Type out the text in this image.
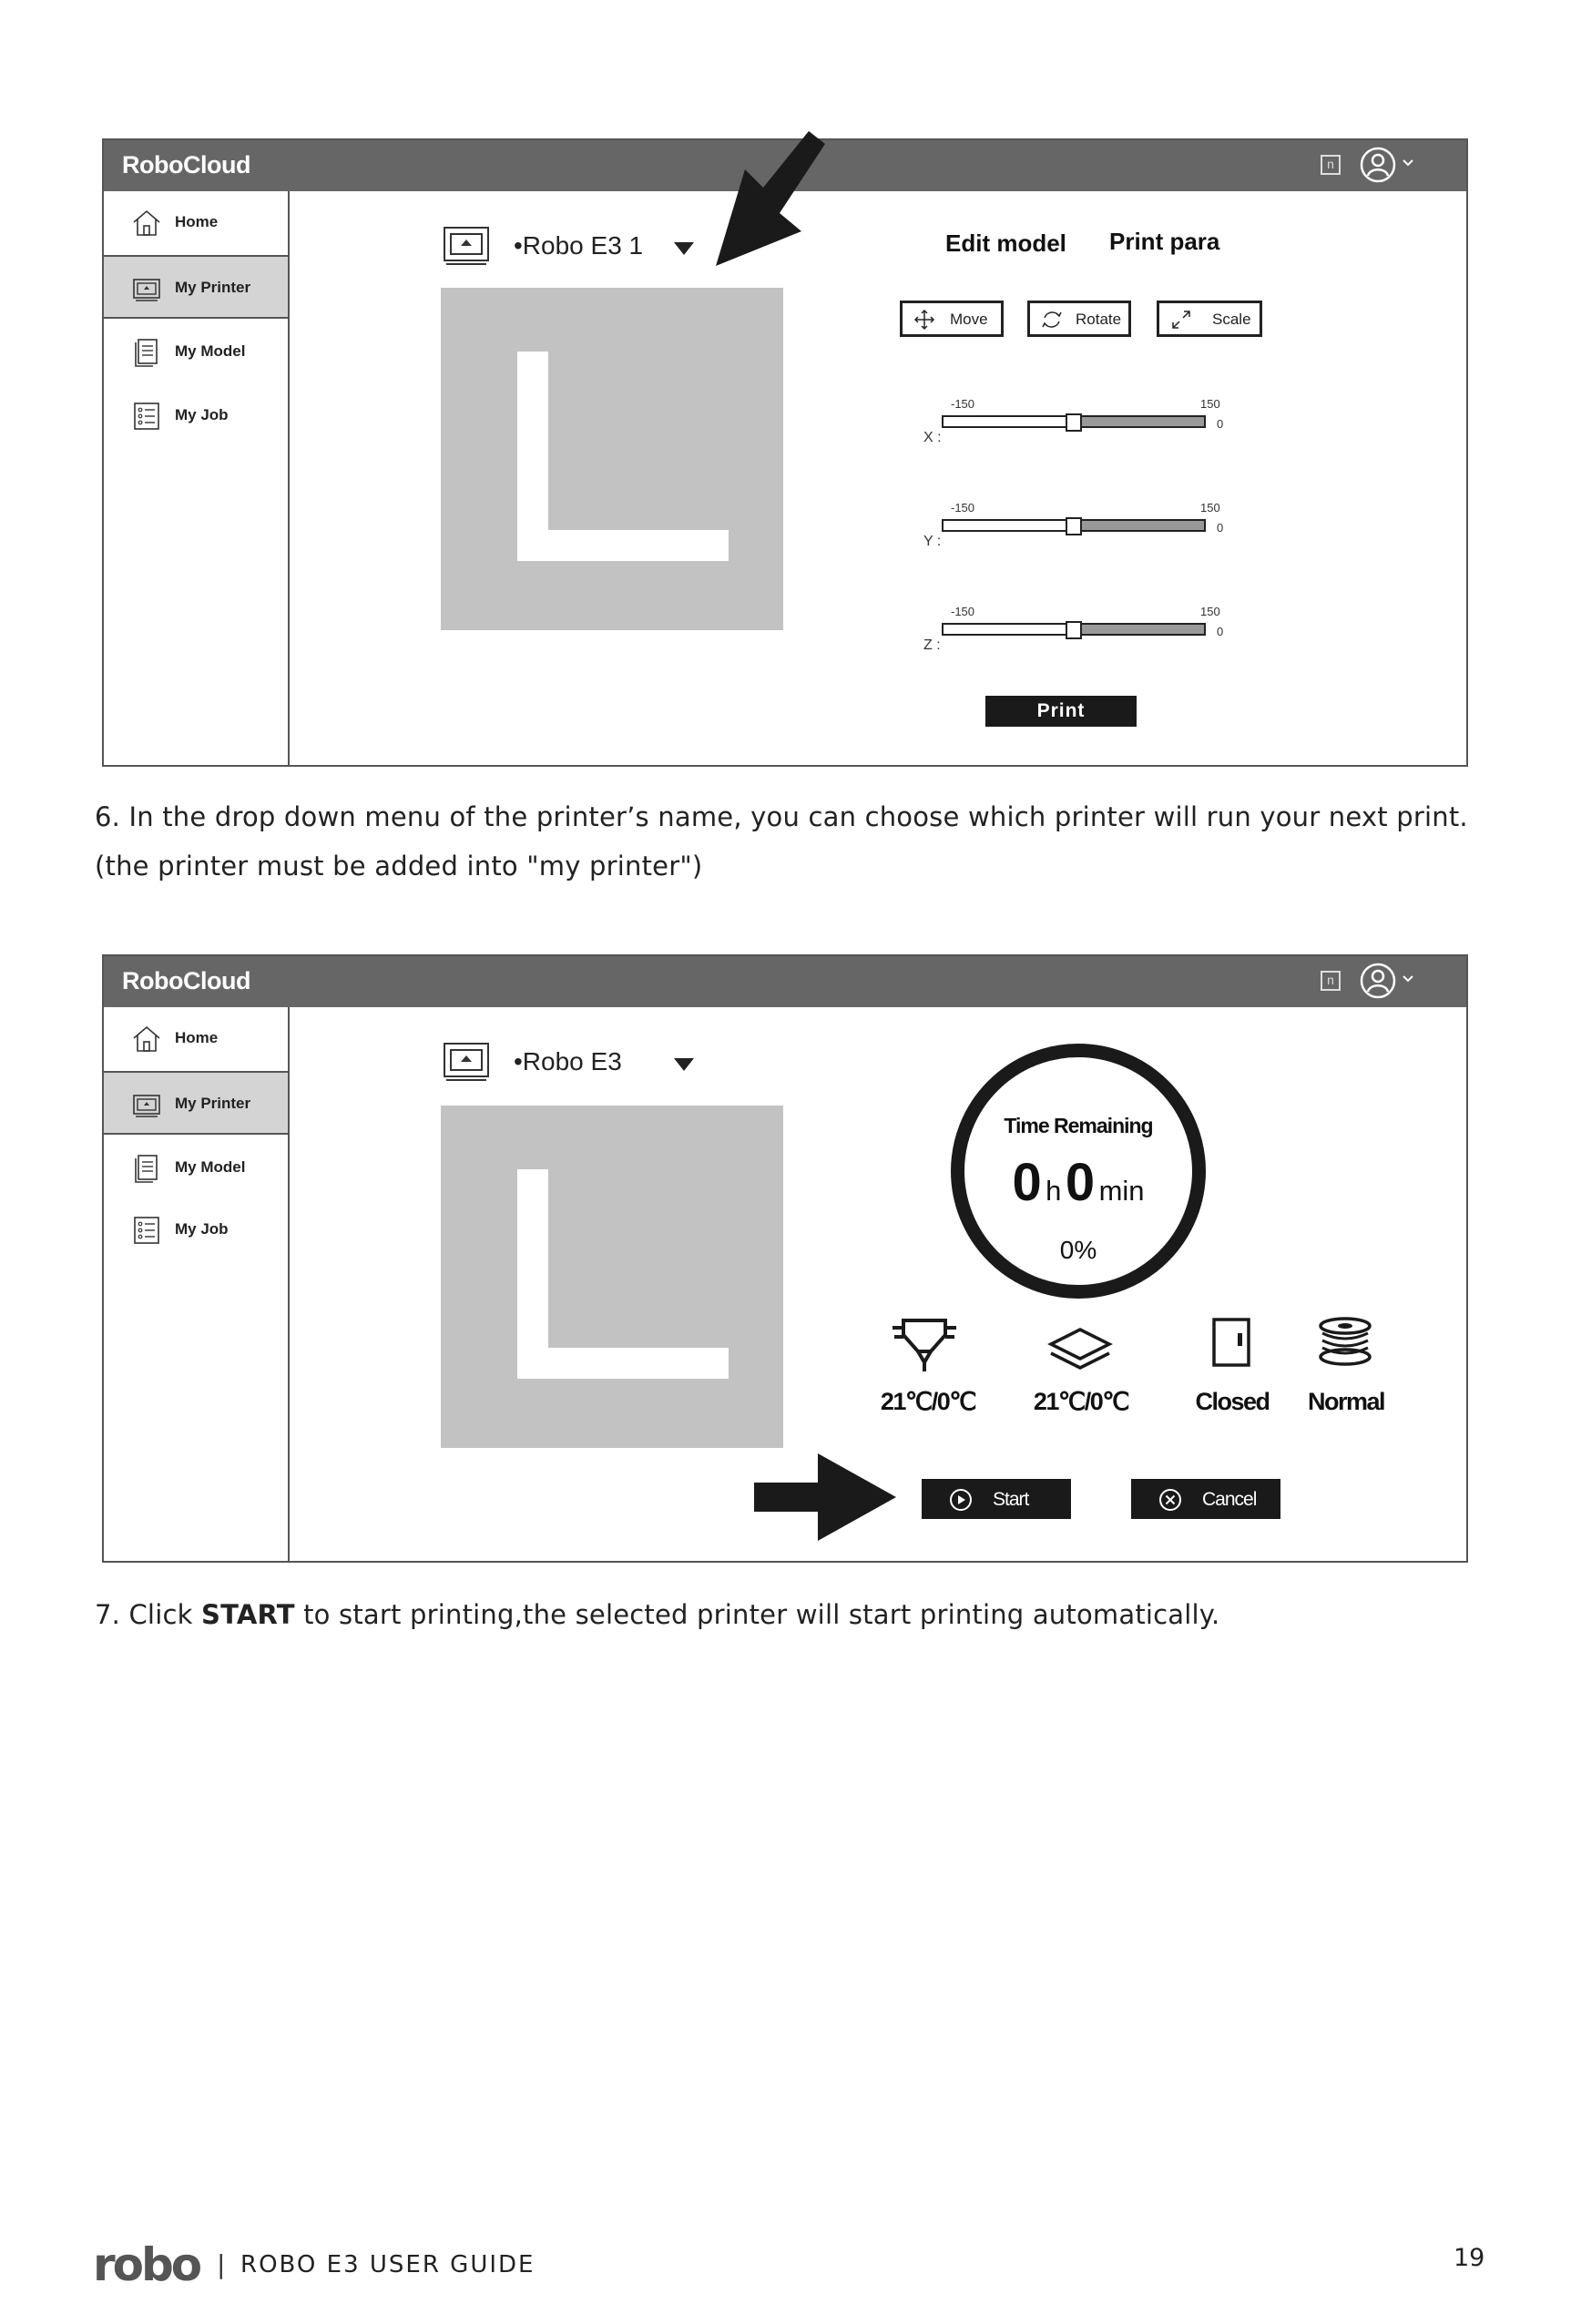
RoboCloud	n
Home
My Printer
My Model
My Job
•Robo E3 1	Edit model Print para
Move	Rotate	Scale
X :
-150	150
0
Y :
-150	150
0
Z :
-150	150
0
Print
6. In the drop down menu of the printer’s name, you can choose which printer will run your next print.
(the printer must be added into "my printer")
RoboCloud	n
Home
My Printer
My Model
My Job
•Robo E3
Time Remaining
0 h 0 min
0%
21℃/0℃	21℃/0℃	Closed	Normal
Start	Cancel
7. Click START to start printing,the selected printer will start printing automatically.
robo | ROBO E3 USER GUIDE	19
